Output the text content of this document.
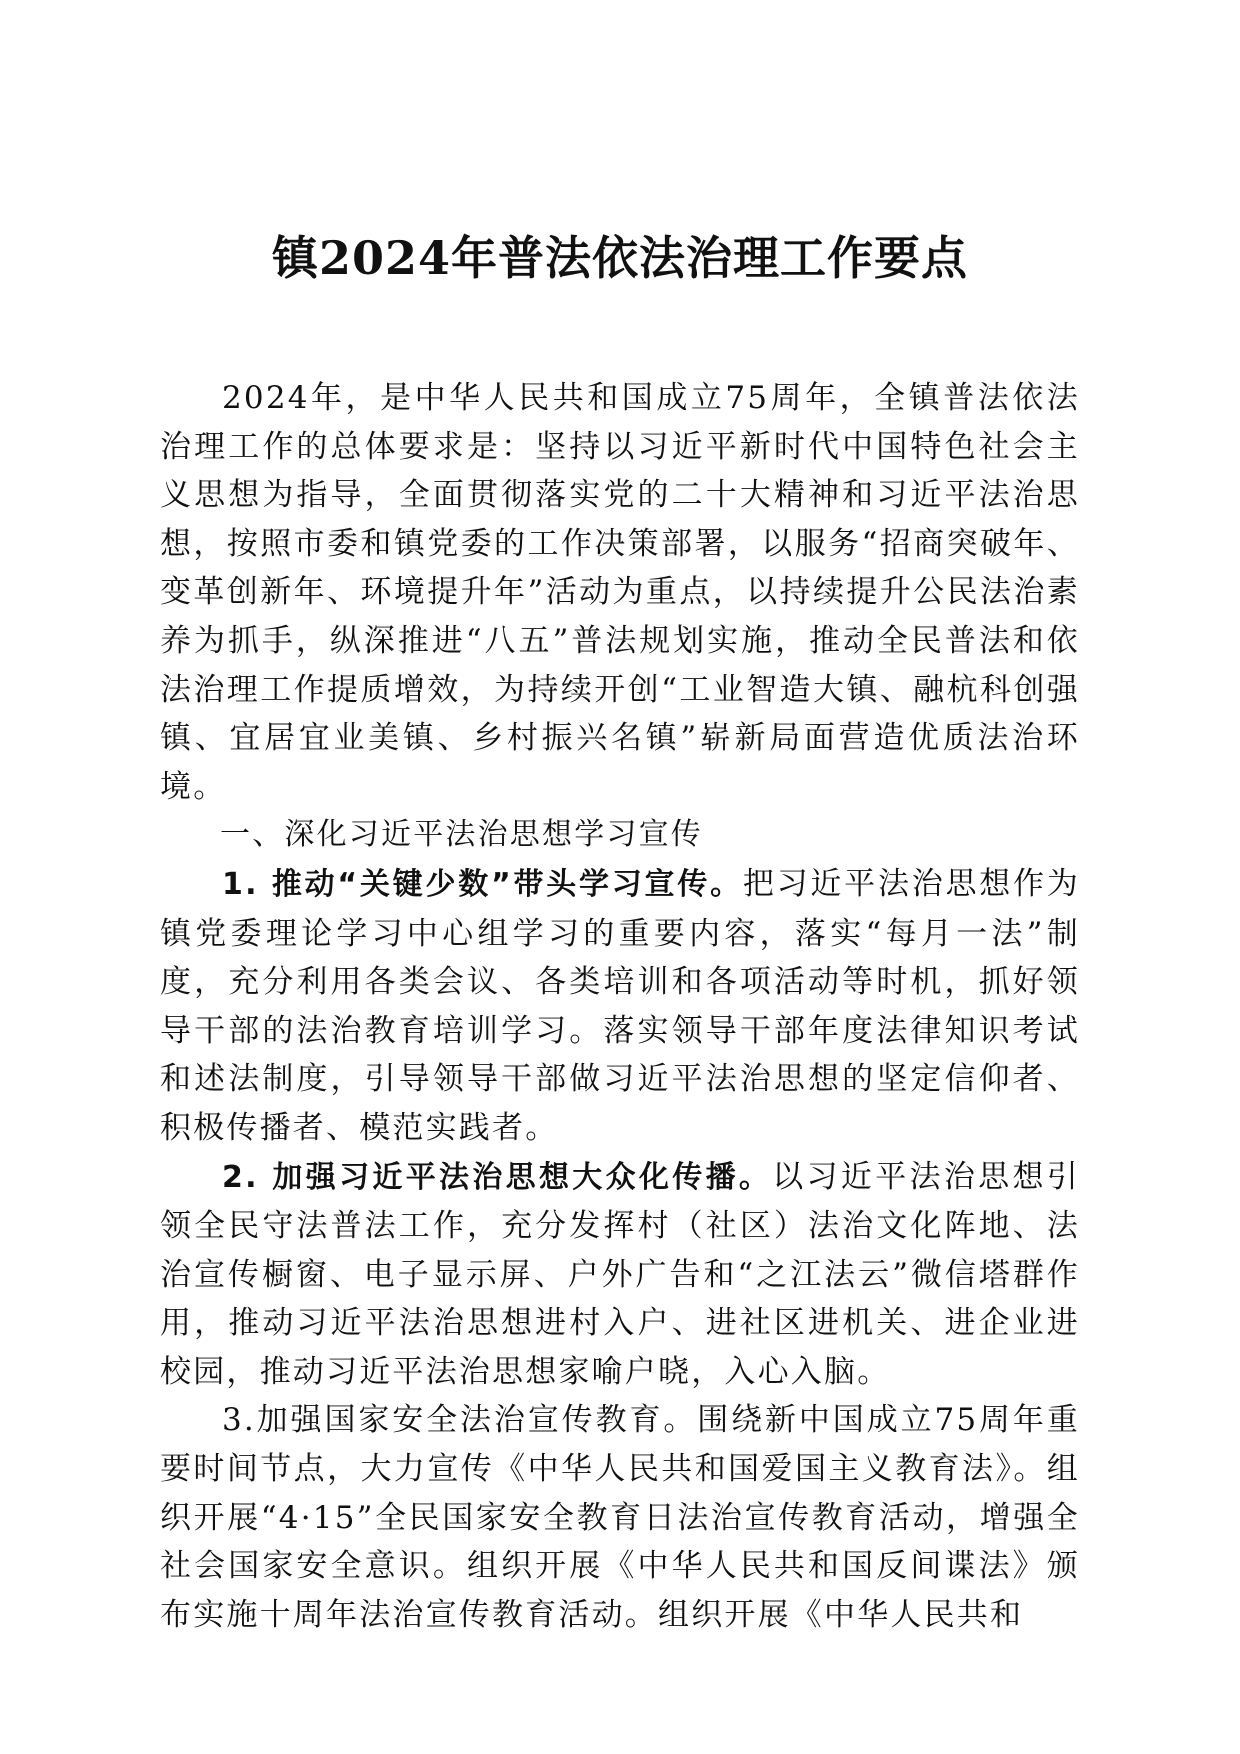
镇2024年普法依法治理工作要点

2024年，是中华人民共和国成立75周年，全镇普法依法治理工作的总体要求是：坚持以习近平新时代中国特色社会主义思想为指导，全面贯彻落实党的二十大精神和习近平法治思想，按照市委和镇党委的工作决策部署，以服务“招商突破年、变革创新年、环境提升年”活动为重点，以持续提升公民法治素养为抓手，纵深推进“八五”普法规划实施，推动全民普法和依法治理工作提质增效，为持续开创“工业智造大镇、融杭科创强镇、宜居宜业美镇、乡村振兴名镇”崭新局面营造优质法治环境。

一、深化习近平法治思想学习宣传

1. 推动“关键少数”带头学习宣传。把习近平法治思想作为镇党委理论学习中心组学习的重要内容，落实“每月一法”制度，充分利用各类会议、各类培训和各项活动等时机，抓好领导干部的法治教育培训学习。落实领导干部年度法律知识考试和述法制度，引导领导干部做习近平法治思想的坚定信仰者、积极传播者、模范实践者。

2. 加强习近平法治思想大众化传播。以习近平法治思想引领全民守法普法工作，充分发挥村（社区）法治文化阵地、法治宣传橱窗、电子显示屏、户外广告和“之江法云”微信塔群作用，推动习近平法治思想进村入户、进社区进机关、进企业进校园，推动习近平法治思想家喻户晓，入心入脑。

3.加强国家安全法治宣传教育。围绕新中国成立75周年重要时间节点，大力宣传《中华人民共和国爱国主义教育法》。组织开展“4·15”全民国家安全教育日法治宣传教育活动，增强全社会国家安全意识。组织开展《中华人民共和国反间谍法》颁布实施十周年法治宣传教育活动。组织开展《中华人民共和
